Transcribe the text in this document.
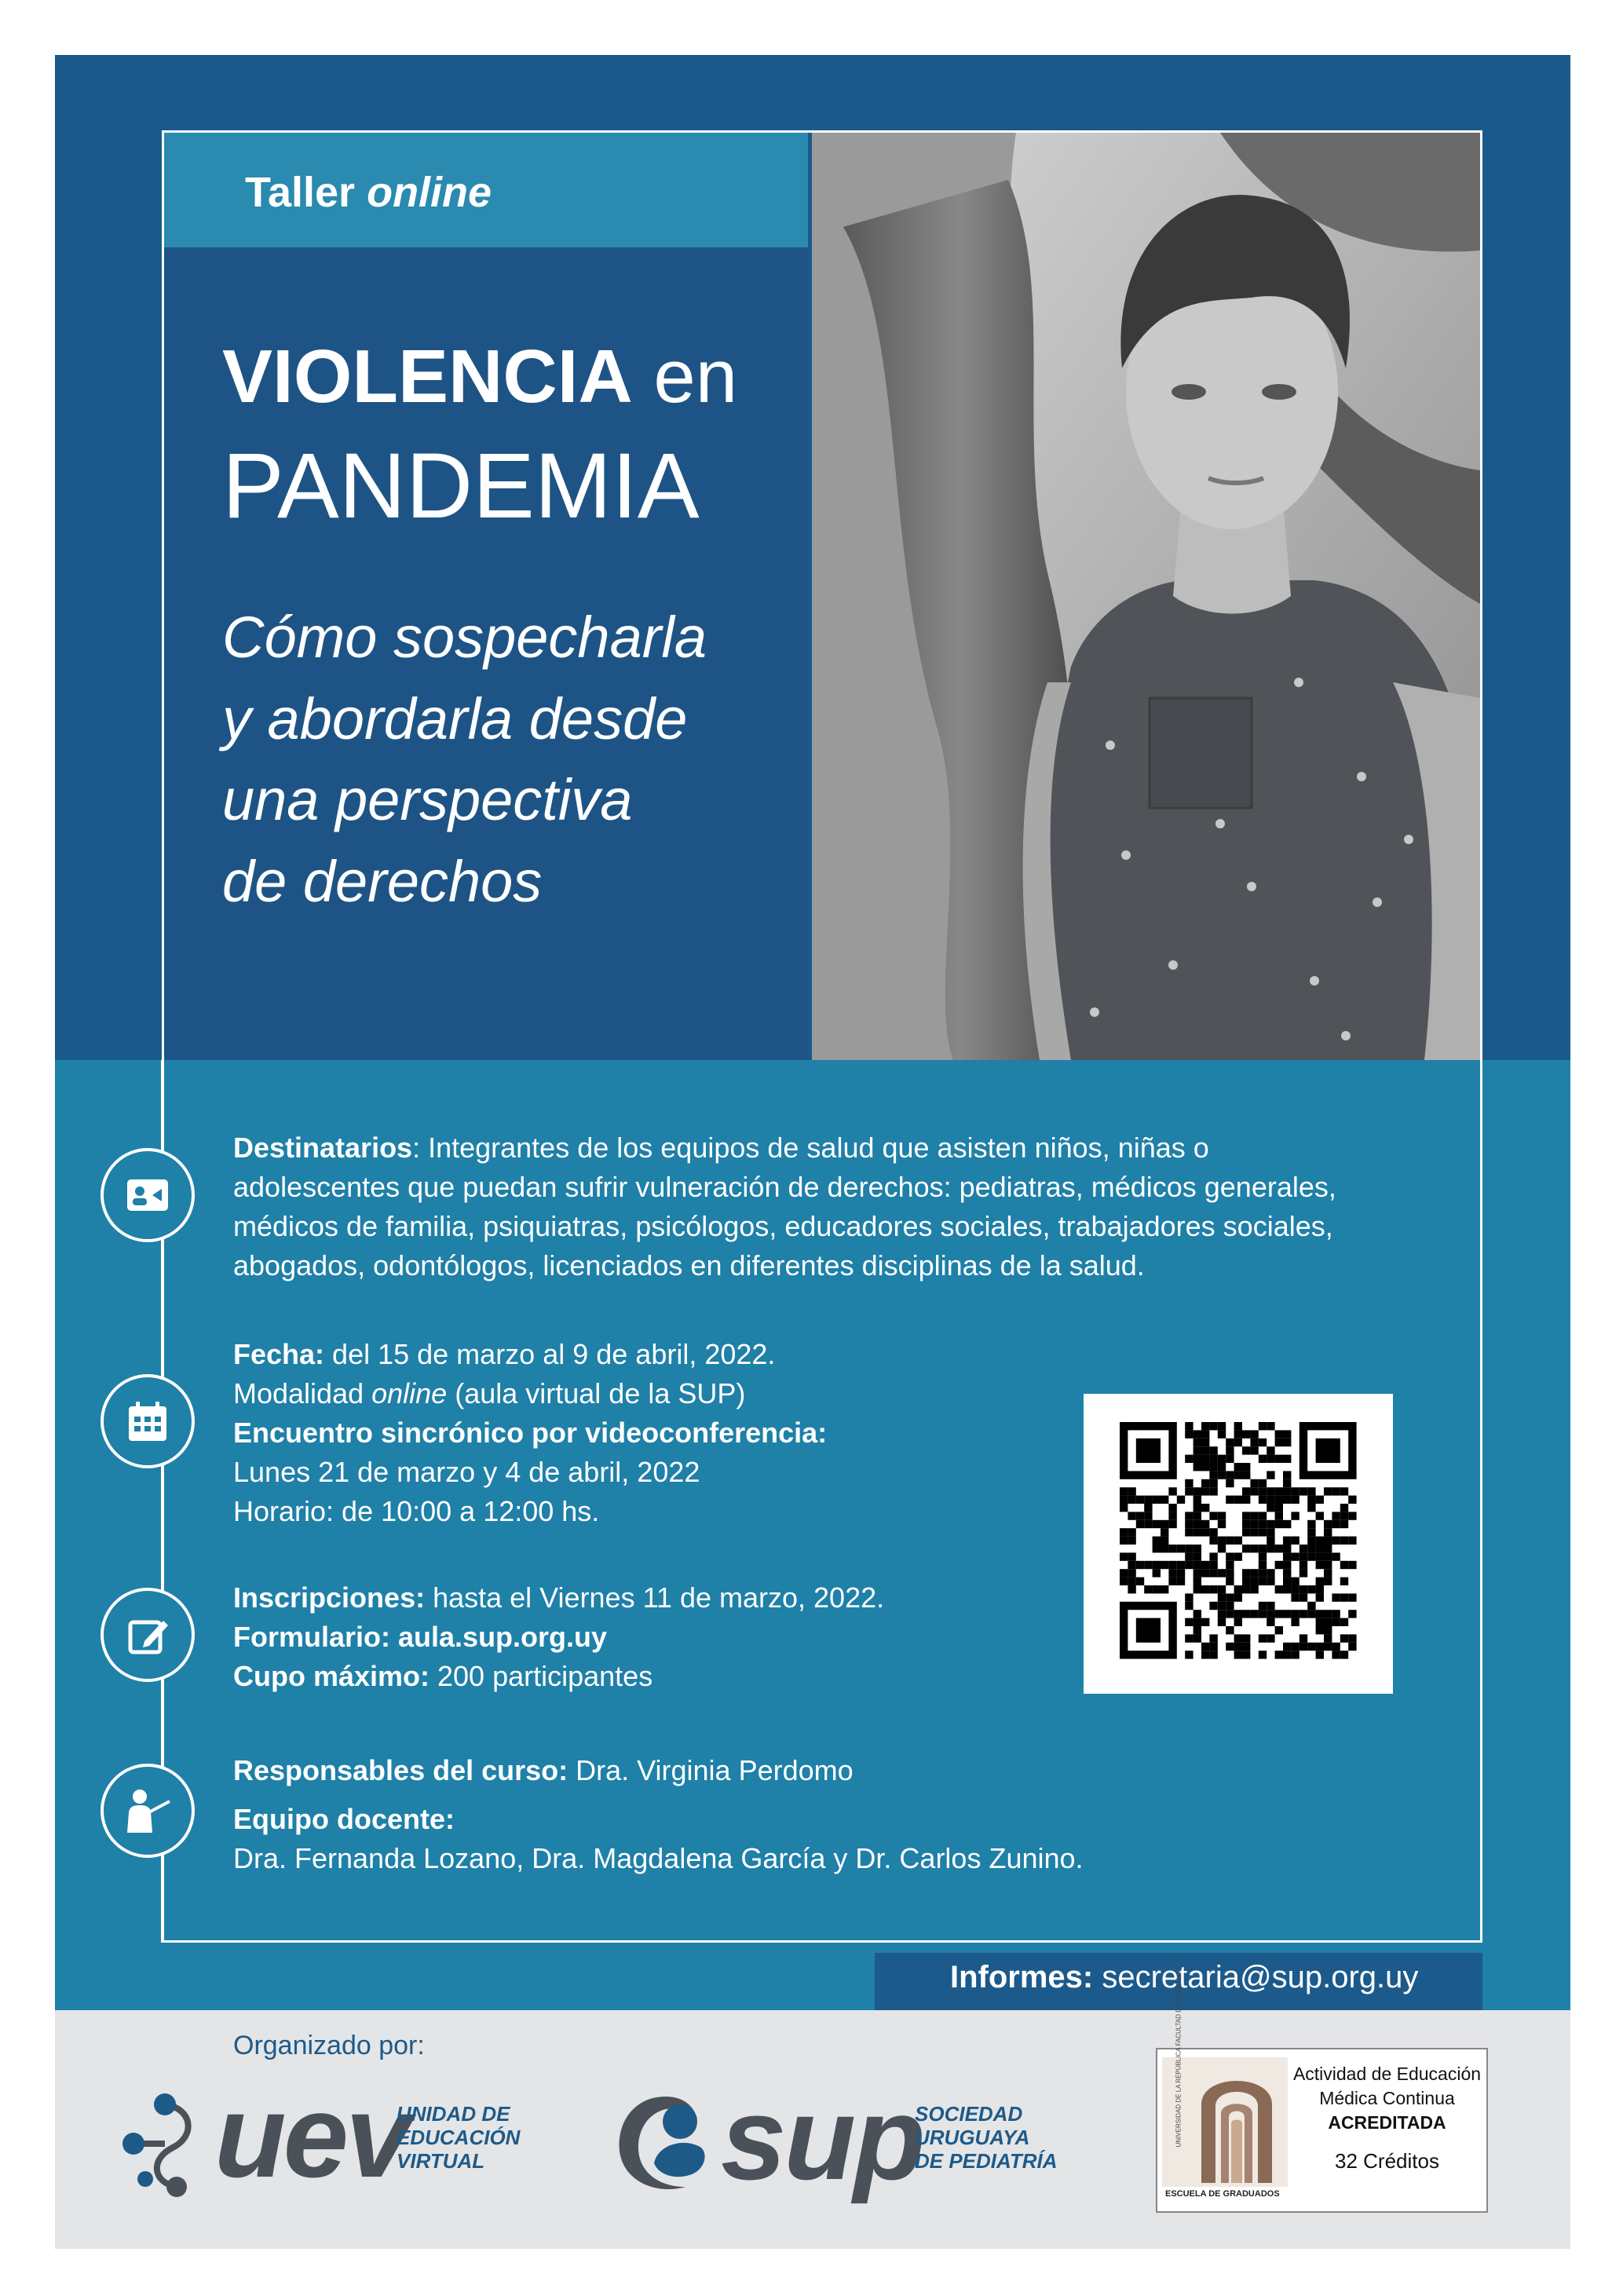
Taller online
VIOLENCIA en
PANDEMIA
Cómo sospecharla
y abordarla desde
una perspectiva
de derechos
Destinatarios: Integrantes de los equipos de salud que asisten niños, niñas o
adolescentes que puedan sufrir vulneración de derechos: pediatras, médicos generales,
médicos de familia, psiquiatras, psicólogos, educadores sociales, trabajadores sociales,
abogados, odontólogos, licenciados en diferentes disciplinas de la salud.
Fecha: del 15 de marzo al 9 de abril, 2022.
Modalidad online (aula virtual de la SUP)
Encuentro sincrónico por videoconferencia:
Lunes 21 de marzo y 4 de abril, 2022
Horario: de 10:00 a 12:00 hs.
Inscripciones: hasta el Viernes 11 de marzo, 2022.
Formulario: aula.sup.org.uy
Cupo máximo: 200 participantes
Responsables del curso: Dra. Virginia Perdomo
Equipo docente:
Dra. Fernanda Lozano, Dra. Magdalena García y Dr. Carlos Zunino.
Informes: secretaria@sup.org.uy
Organizado por:
uev
UNIDAD DE
EDUCACIÓN
VIRTUAL	sup
SOCIEDAD
URUGUAYA
DE PEDIATRÍA
ESCUELA DE GRADUADOS
Actividad de Educación
Médica Continua
ACREDITADA
32 Créditos
